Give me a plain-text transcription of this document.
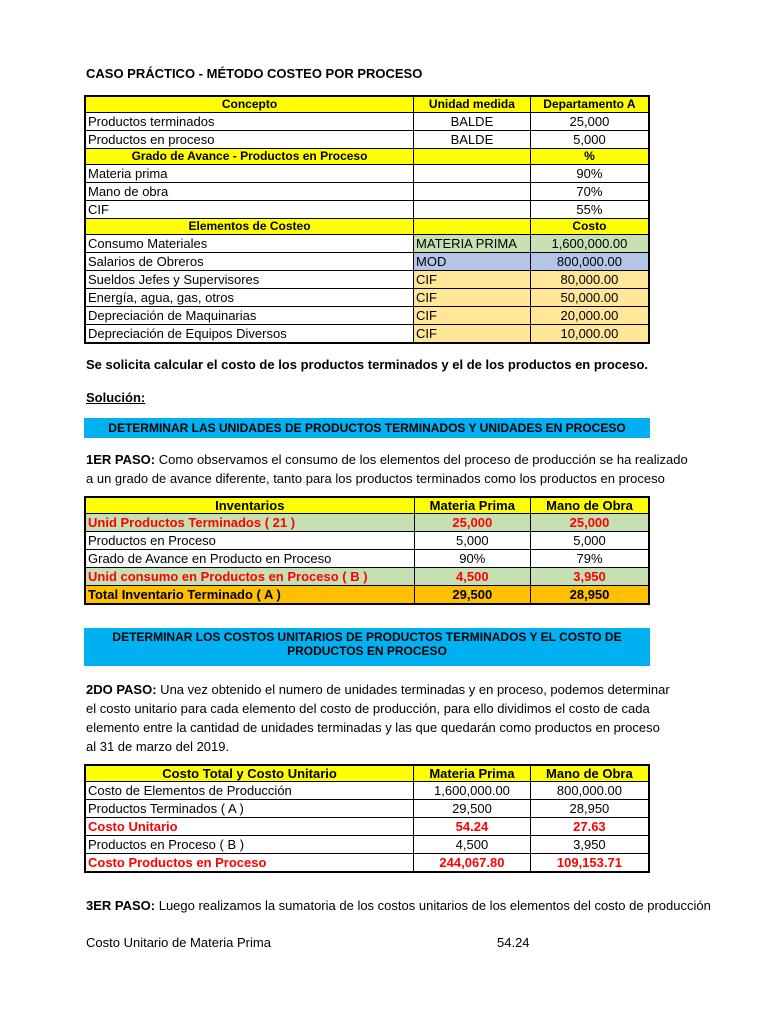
CASO PRÁCTICO - MÉTODO COSTEO POR PROCESO
Concepto	Unidad medida	Departamento A
Productos terminados	BALDE	25,000
Productos en proceso	BALDE	5,000
Grado de Avance - Productos en Proceso		%
Materia prima		90%
Mano de obra		70%
CIF		55%
Elementos de Costeo		Costo
Consumo Materiales	MATERIA PRIMA	1,600,000.00
Salarios de Obreros	MOD	800,000.00
Sueldos Jefes y Supervisores	CIF	80,000.00
Energía, agua, gas, otros	CIF	50,000.00
Depreciación de Maquinarias	CIF	20,000.00
Depreciación de Equipos Diversos	CIF	10,000.00
Se solicita calcular el costo de los productos terminados y el de los productos en proceso.
Solución:
DETERMINAR LAS UNIDADES DE PRODUCTOS TERMINADOS Y UNIDADES EN PROCESO
1ER PASO: Como observamos el consumo de los elementos del proceso de producción se ha realizado
a un grado de avance diferente, tanto para los productos terminados como los productos en proceso
Inventarios	Materia Prima	Mano de Obra
Unid Productos Terminados ( 21 )	25,000	25,000
Productos en Proceso	5,000	5,000
Grado de Avance en Producto en Proceso	90%	79%
Unid consumo en Productos en Proceso ( B )	4,500	3,950
Total Inventario Terminado ( A )	29,500	28,950
DETERMINAR LOS COSTOS UNITARIOS DE PRODUCTOS TERMINADOS Y EL COSTO DE
PRODUCTOS EN PROCESO
2DO PASO: Una vez obtenido el numero de unidades terminadas y en proceso, podemos determinar
el costo unitario para cada elemento del costo de producción, para ello dividimos el costo de cada
elemento entre la cantidad de unidades terminadas y las que quedarán como productos en proceso
al 31 de marzo del 2019.
Costo Total y Costo Unitario	Materia Prima	Mano de Obra
Costo de Elementos de Producción	1,600,000.00	800,000.00
Productos Terminados ( A )	29,500	28,950
Costo Unitario	54.24	27.63
Productos en Proceso ( B )	4,500	3,950
Costo Productos en Proceso	244,067.80	109,153.71
3ER PASO: Luego realizamos la sumatoria de los costos unitarios de los elementos del costo de producción
Costo Unitario de Materia Prima	54.24
